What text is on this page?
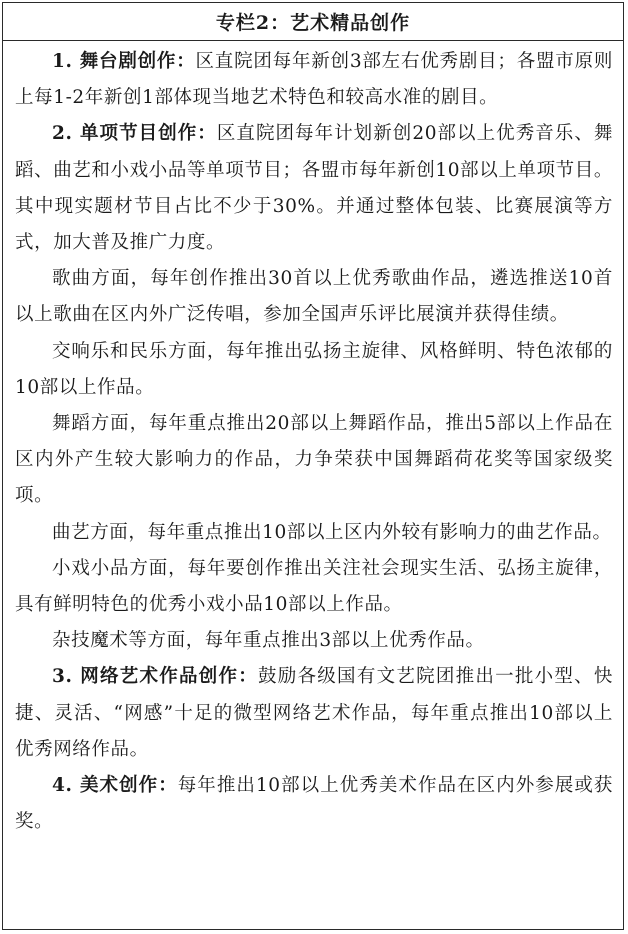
专栏2：艺术精品创作

1. 舞台剧创作：区直院团每年新创3部左右优秀剧目；各盟市原则上每1-2年新创1部体现当地艺术特色和较高水准的剧目。

2. 单项节目创作：区直院团每年计划新创20部以上优秀音乐、舞蹈、曲艺和小戏小品等单项节目；各盟市每年新创10部以上单项节目。其中现实题材节目占比不少于30%。并通过整体包装、比赛展演等方式，加大普及推广力度。

歌曲方面，每年创作推出30首以上优秀歌曲作品，遴选推送10首以上歌曲在区内外广泛传唱，参加全国声乐评比展演并获得佳绩。

交响乐和民乐方面，每年推出弘扬主旋律、风格鲜明、特色浓郁的10部以上作品。

舞蹈方面，每年重点推出20部以上舞蹈作品，推出5部以上作品在区内外产生较大影响力的作品，力争荣获中国舞蹈荷花奖等国家级奖项。

曲艺方面，每年重点推出10部以上区内外较有影响力的曲艺作品。

小戏小品方面，每年要创作推出关注社会现实生活、弘扬主旋律，具有鲜明特色的优秀小戏小品10部以上作品。

杂技魔术等方面，每年重点推出3部以上优秀作品。

3. 网络艺术作品创作：鼓励各级国有文艺院团推出一批小型、快捷、灵活、“网感”十足的微型网络艺术作品，每年重点推出10部以上优秀网络作品。

4. 美术创作：每年推出10部以上优秀美术作品在区内外参展或获奖。
